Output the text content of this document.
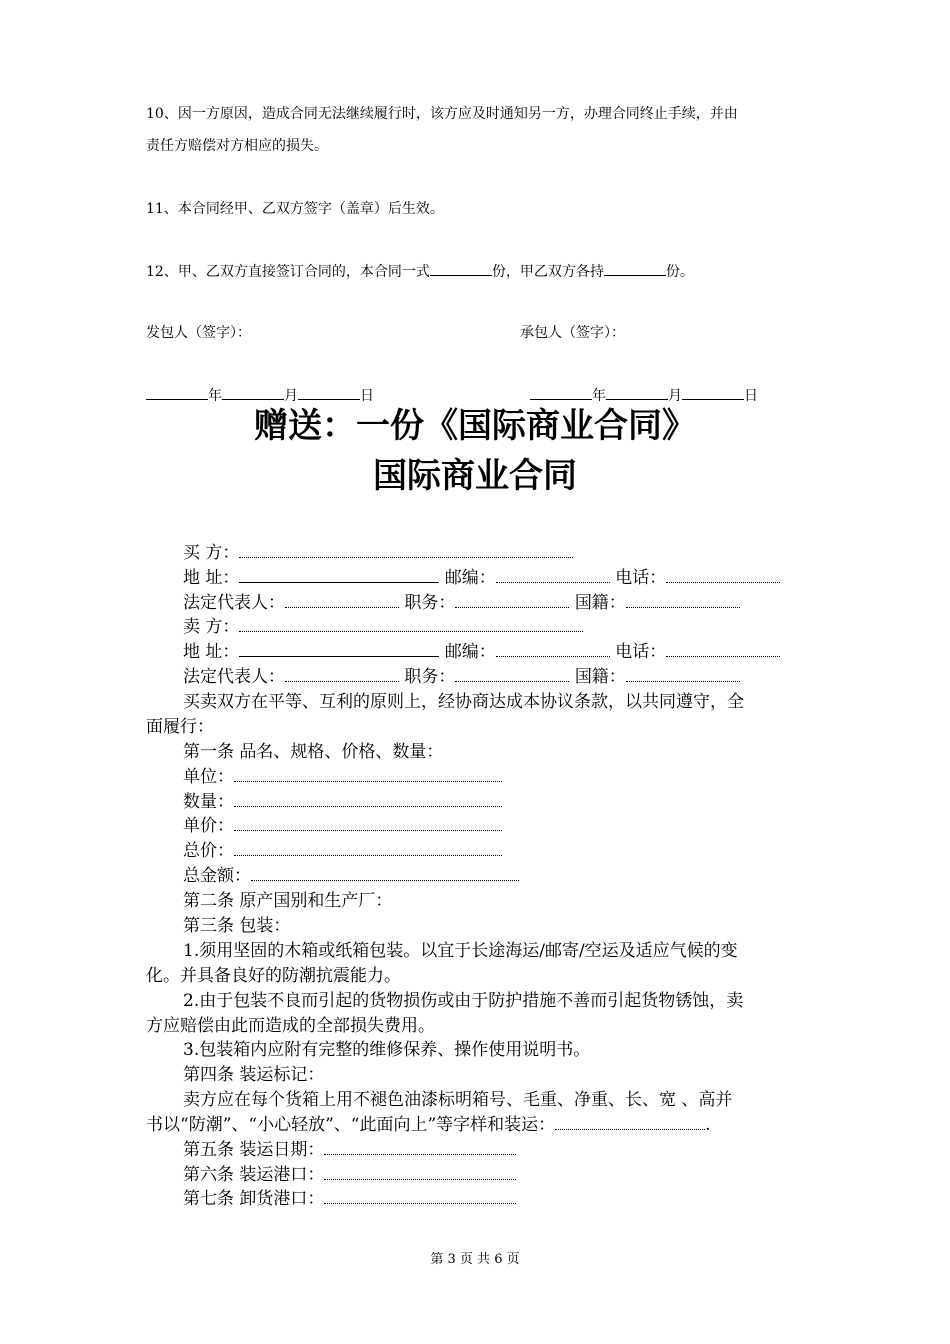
10、因一方原因，造成合同无法继续履行时，该方应及时通知另一方，办理合同终止手续，并由
责任方赔偿对方相应的损失。
11、本合同经甲、乙双方签字（盖章）后生效。
12、甲、乙双方直接签订合同的，本合同一式	份，甲乙双方各持	份。
发包人（签字）：	承包人（签字）：
年	月	日	年	月	日
赠送：一份《国际商业合同》
国际商业合同
买 方：
地 址：	邮编：	电话：
法定代表人：	职务：	国籍：
卖 方：
地 址：	邮编：	电话：
法定代表人：	职务：	国籍：
买卖双方在平等、互利的原则上，经协商达成本协议条款，以共同遵守，全
面履行：
第一条 品名、规格、价格、数量：
单位：
数量：
单价：
总价：
总金额：
第二条 原产国别和生产厂：
第三条 包装：
1.须用坚固的木箱或纸箱包装。以宜于长途海运/邮寄/空运及适应气候的变
化。并具备良好的防潮抗震能力。
2.由于包装不良而引起的货物损伤或由于防护措施不善而引起货物锈蚀，卖
方应赔偿由此而造成的全部损失费用。
3.包装箱内应附有完整的维修保养、操作使用说明书。
第四条 装运标记：
卖方应在每个货箱上用不褪色油漆标明箱号、毛重、净重、长、宽 、高并
书以“防潮”、“小心轻放”、“此面向上”等字样和装运：	.
第五条 装运日期：
第六条 装运港口：
第七条 卸货港口：
第 3 页 共 6 页
